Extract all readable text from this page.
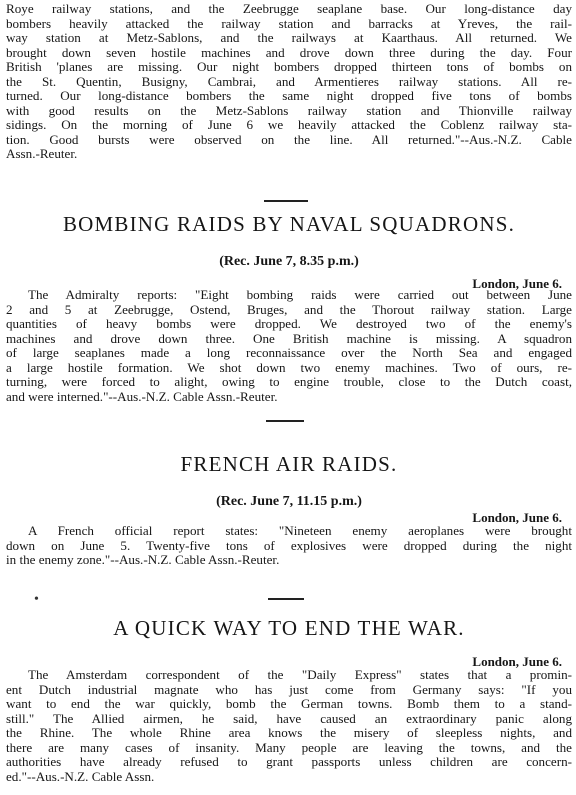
Roye railway stations, and the Zeebrugge seaplane base. Our long-distance day
bombers heavily attacked the railway station and barracks at Yreves, the rail-
way station at Metz-Sablons, and the railways at Kaarthaus. All returned. We
brought down seven hostile machines and drove down three during the day. Four
British 'planes are missing. Our night bombers dropped thirteen tons of bombs on
the St. Quentin, Busigny, Cambrai, and Armentieres railway stations. All re-
turned. Our long-distance bombers the same night dropped five tons of bombs
with good results on the Metz-Sablons railway station and Thionville railway
sidings. On the morning of June 6 we heavily attacked the Coblenz railway sta-
tion. Good bursts were observed on the line. All returned."--Aus.-N.Z. Cable
Assn.-Reuter.

BOMBING RAIDS BY NAVAL SQUADRONS.
(Rec. June 7, 8.35 p.m.)
London, June 6.

The Admiralty reports: "Eight bombing raids were carried out between June
2 and 5 at Zeebrugge, Ostend, Bruges, and the Thorout railway station. Large
quantities of heavy bombs were dropped. We destroyed two of the enemy's
machines and drove down three. One British machine is missing. A squadron
of large seaplanes made a long reconnaissance over the North Sea and engaged
a large hostile formation. We shot down two enemy machines. Two of ours, re-
turning, were forced to alight, owing to engine trouble, close to the Dutch coast,
and were interned."--Aus.-N.Z. Cable Assn.-Reuter.

FRENCH AIR RAIDS.
(Rec. June 7, 11.15 p.m.)
London, June 6.

A French official report states: "Nineteen enemy aeroplanes were brought
down on June 5. Twenty-five tons of explosives were dropped during the night
in the enemy zone."--Aus.-N.Z. Cable Assn.-Reuter.

•
A QUICK WAY TO END THE WAR.
London, June 6.

The Amsterdam correspondent of the "Daily Express" states that a promin-
ent Dutch industrial magnate who has just come from Germany says: "If you
want to end the war quickly, bomb the German towns. Bomb them to a stand-
still." The Allied airmen, he said, have caused an extraordinary panic along
the Rhine. The whole Rhine area knows the misery of sleepless nights, and
there are many cases of insanity. Many people are leaving the towns, and the
authorities have already refused to grant passports unless children are concern-
ed."--Aus.-N.Z. Cable Assn.
